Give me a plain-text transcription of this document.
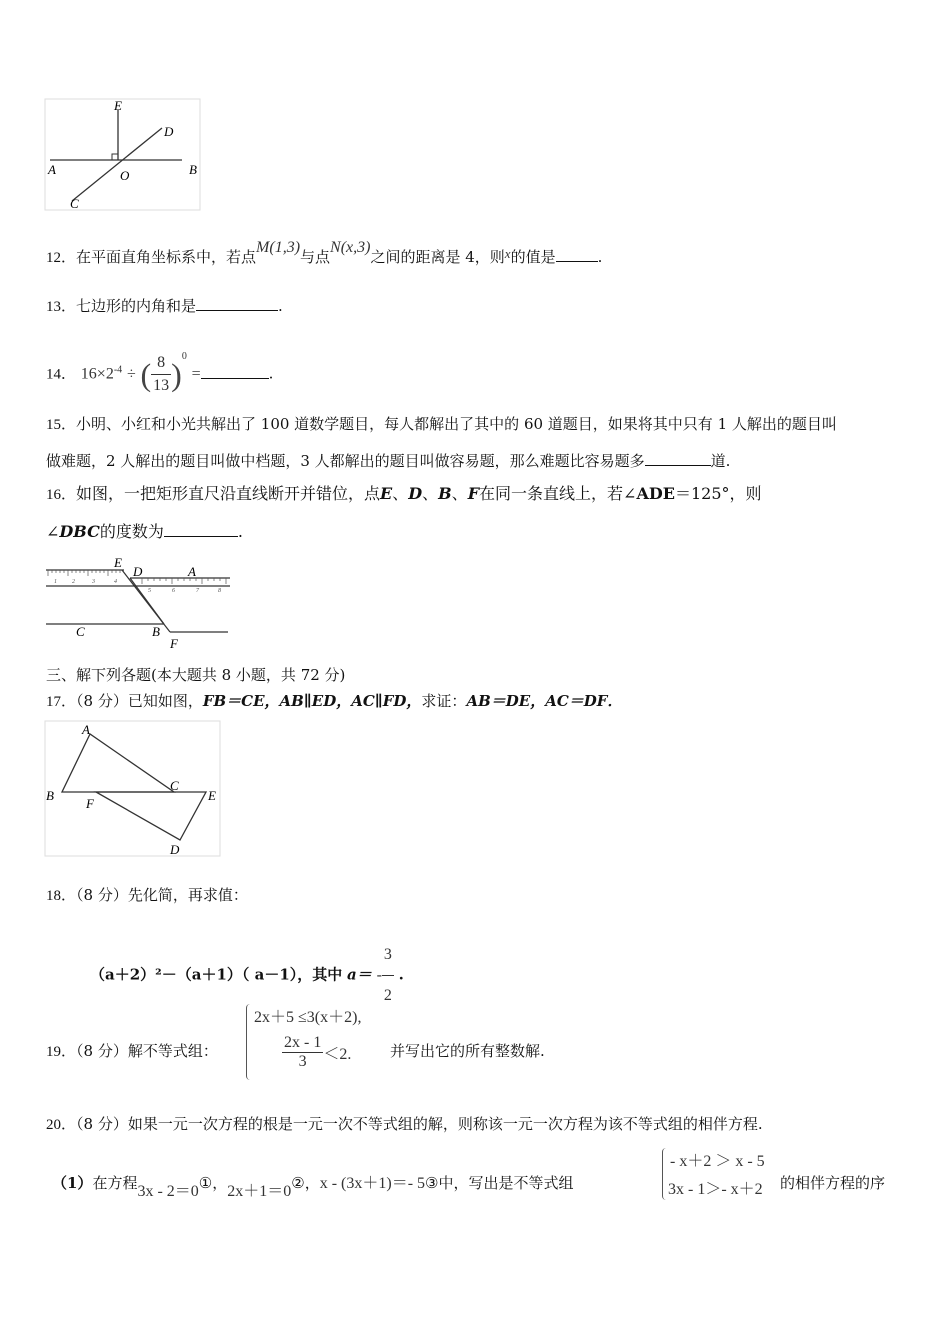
E
D
A	O	B
C
12．在平面直角坐标系中，若点M(1,3)与点N(x,3)之间的距离是 4，则x的值是	.
13．七边形的内角和是	.
14． $16\times 2^{-4}$ ÷ ( $\frac{8}{13} )^0$ =	.
15．小明、小红和小光共解出了 100 道数学题目，每人都解出了其中的 60 道题目，如果将其中只有 1 人解出的题目叫
做难题，2 人解出的题目叫做中档题，3 人都解出的题目叫做容易题，那么难题比容易题多	道.
16．如图，一把矩形直尺沿直线断开并错位，点E、D、B、F在同一条直线上，若∠ADE＝125°，则
∠DBC的度数为	.
1	2	3	4
5	6	7	8
E
D	A
C	B
F
三、解下列各题(本大题共 8 小题，共 72 分)
17．（8 分）已知如图，FB＝CE，AB∥ED，AC∥FD，求证：AB＝DE，AC＝DF．
A
B
F
C
E
D
18．（8 分）先化简，再求值：
（a＋2）²－（a＋1）（ a－1），其中 $a= - \frac{3}{2}$ .
19．（8 分）解不等式组：
2x＋5 ≤3(x＋2),
$\frac{2x - 1}{3} <2$.	并写出它的所有整数解.
20．（8 分）如果一元一次方程的根是一元一次不等式组的解，则称该一元一次方程为该不等式组的相伴方程.
（1）在方程3x - 2＝0①，2x＋1＝0②，x - (3x＋1)＝- 5③中，写出是不等式组
- x＋2 ＞ x - 5
3x - 1＞- x＋2 的相伴方程的序
